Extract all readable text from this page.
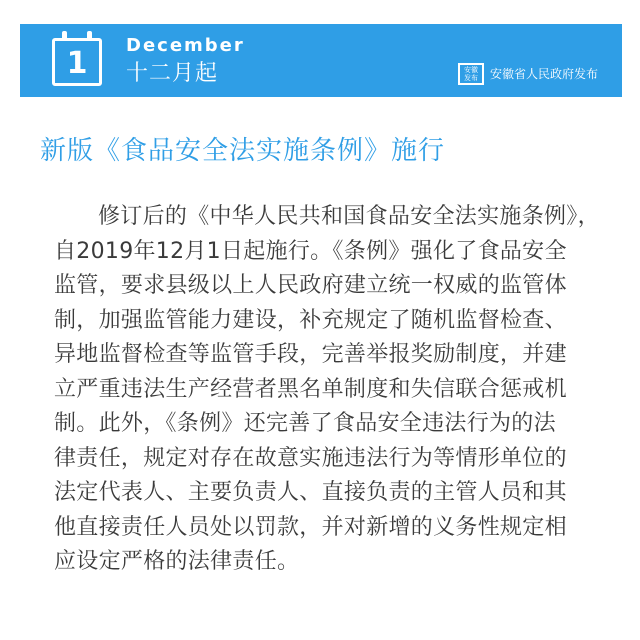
1
December
十二月起	安徽
发布 安徽省人民政府发布
新版《食品安全法实施条例》施行
修订后的《中华人民共和国食品安全法实施条例》，
自2019年12月1日起施行。《条例》强化了食品安全
监管，要求县级以上人民政府建立统一权威的监管体
制，加强监管能力建设，补充规定了随机监督检查、
异地监督检查等监管手段，完善举报奖励制度，并建
立严重违法生产经营者黑名单制度和失信联合惩戒机
制。此外，《条例》还完善了食品安全违法行为的法
律责任，规定对存在故意实施违法行为等情形单位的
法定代表人、主要负责人、直接负责的主管人员和其
他直接责任人员处以罚款，并对新增的义务性规定相
应设定严格的法律责任。
